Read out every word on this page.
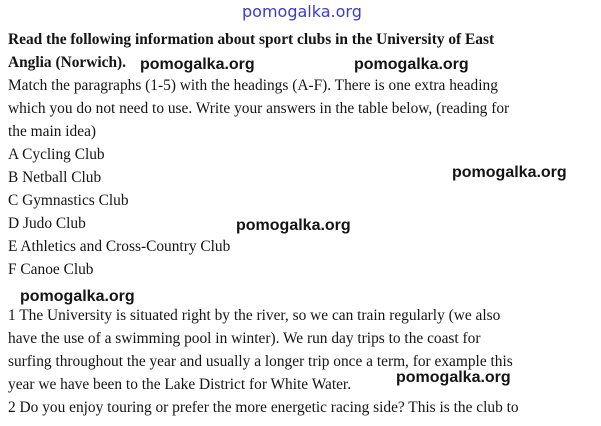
pomogalka.org
Read the following information about sport clubs in the University of East
Anglia (Norwich).
Match the paragraphs (1-5) with the headings (A-F). There is one extra heading
which you do not need to use. Write your answers in the table below, (reading for
the main idea)
A Cycling Club
B Netball Club
C Gymnastics Club
D Judo Club
E Athletics and Cross-Country Club
F Canoe Club
1 The University is situated right by the river, so we can train regularly (we also
have the use of a swimming pool in winter). We run day trips to the coast for
surfing throughout the year and usually a longer trip once a term, for example this
year we have been to the Lake District for White Water.
2 Do you enjoy touring or prefer the more energetic racing side? This is the club to
pomogalka.org	pomogalka.org
pomogalka.org
pomogalka.org
pomogalka.org
pomogalka.org
